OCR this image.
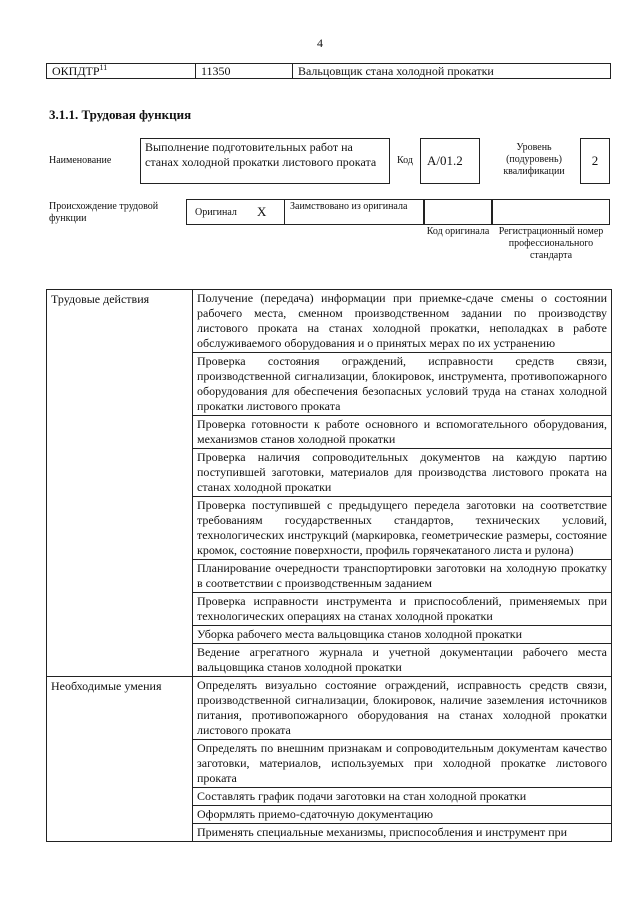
4
ОКПДТР$^{11}$	11350	Вальцовщик стана холодной прокатки
3.1.1. Трудовая функция
Наименование
Выполнение подготовительных работ на станах холодной прокатки листового проката	Код	A/01.2
Уровень (подуровень) квалификации
2
Происхождение трудовой функции
Оригинал X Заимствовано из оригинала
Код оригинала Регистрационный номер профессионального стандарта
Трудовые действия	Получение (передача) информации при приемке-сдаче смены о состоянии рабочего места, сменном производственном задании по производству листового проката на станах холодной прокатки, неполадках в работе обслуживаемого оборудования и о принятых мерах по их устранению
	Проверка состояния ограждений, исправности средств связи, производственной сигнализации, блокировок, инструмента, противопожарного оборудования для обеспечения безопасных условий труда на станах холодной прокатки листового проката
	Проверка готовности к работе основного и вспомогательного оборудования, механизмов станов холодной прокатки
	Проверка наличия сопроводительных документов на каждую партию поступившей заготовки, материалов для производства листового проката на станах холодной прокатки
	Проверка поступившей с предыдущего передела заготовки на соответствие требованиям государственных стандартов, технических условий, технологических инструкций (маркировка, геометрические размеры, состояние кромок, состояние поверхности, профиль горячекатаного листа и рулона)
	Планирование очередности транспортировки заготовки на холодную прокатку в соответствии с производственным заданием
	Проверка исправности инструмента и приспособлений, применяемых при технологических операциях на станах холодной прокатки
	Уборка рабочего места вальцовщика станов холодной прокатки
	Ведение агрегатного журнала и учетной документации рабочего места вальцовщика станов холодной прокатки
Необходимые умения	Определять визуально состояние ограждений, исправность средств связи, производственной сигнализации, блокировок, наличие заземления источников питания, противопожарного оборудования на станах холодной прокатки листового проката
	Определять по внешним признакам и сопроводительным документам качество заготовки, материалов, используемых при холодной прокатке листового проката
	Составлять график подачи заготовки на стан холодной прокатки
	Оформлять приемо-сдаточную документацию
	Применять специальные механизмы, приспособления и инструмент при
